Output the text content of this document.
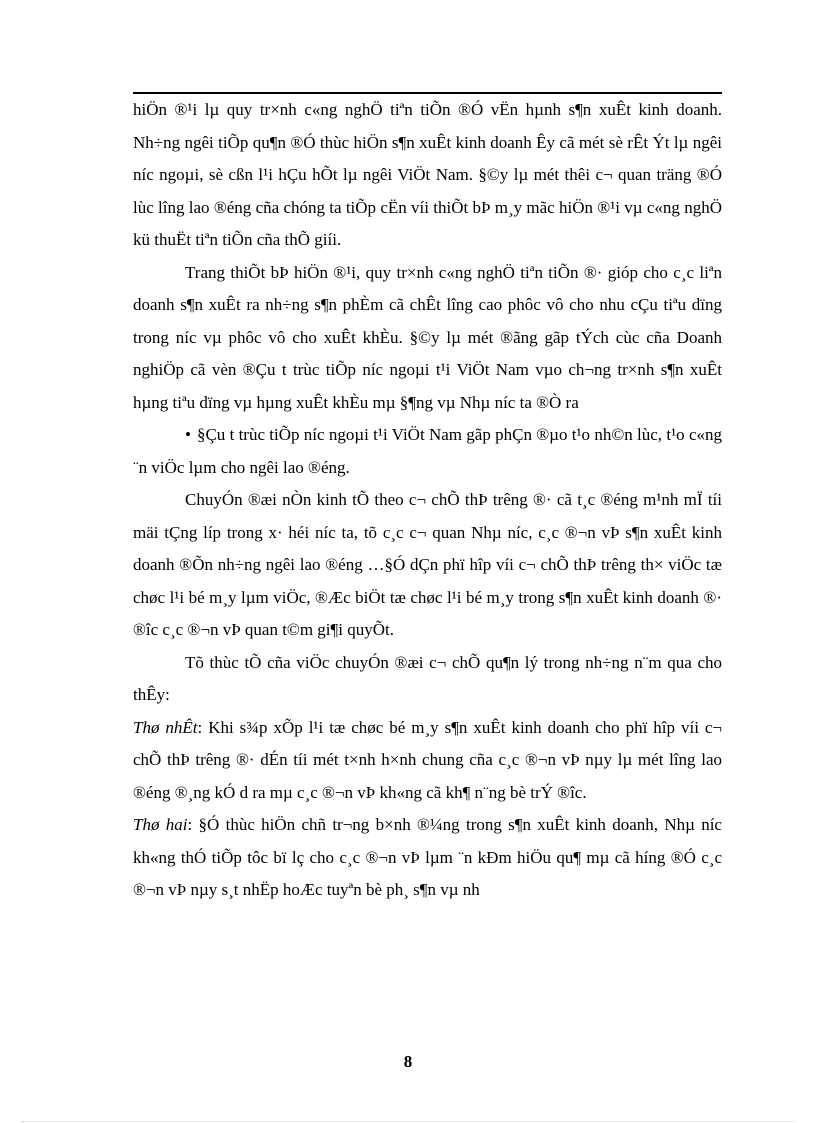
hiÖn ®¹i lµ quy tr×nh c«ng nghÖ tiªn tiÕn ®Ó vËn hµnh s¶n xuÊt kinh doanh. Nh÷ng ngêi tiÕp qu¶n ®Ó thùc hiÖn s¶n xuÊt kinh doanh Êy cã mét sè rÊt Ýt lµ ngêi níc ngoµi, sè cßn l¹i hÇu hÕt lµ ngêi ViÖt Nam. §©y lµ mét thêi c¬ quan träng ®Ó lùc lîng lao ®éng cña chóng ta tiÕp cËn víi thiÕt bÞ m¸y mãc hiÖn ®¹i vµ c«ng nghÖ kü thuËt tiªn tiÕn cña thÕ giíi.

Trang thiÕt bÞ hiÖn ®¹i, quy tr×nh c«ng nghÖ tiªn tiÕn ®· gióp cho c¸c liªn doanh s¶n xuÊt ra nh÷ng s¶n phÈm cã chÊt lîng cao phôc vô cho nhu cÇu tiªu dïng trong níc vµ phôc vô cho xuÊt khÈu. §©y lµ mét ®ãng gãp tÝch cùc cña Doanh nghiÖp cã vèn ®Çu t trùc tiÕp níc ngoµi t¹i ViÖt Nam vµo ch¬ng tr×nh s¶n xuÊt hµng tiªu dïng vµ hµng xuÊt khÈu mµ §¶ng vµ Nhµ níc ta ®Ò ra

• §Çu t trùc tiÕp níc ngoµi t¹i ViÖt Nam gãp phÇn ®µo t¹o nh©n lùc, t¹o c«ng ¨n viÖc lµm cho ngêi lao ®éng.

ChuyÓn ®æi nÒn kinh tÕ theo c¬ chÕ thÞ trêng ®· cã t¸c ®éng m¹nh mÏ tíi mäi tÇng líp trong x· héi níc ta, tõ c¸c c¬ quan Nhµ níc, c¸c ®¬n vÞ s¶n xuÊt kinh doanh ®Õn nh÷ng ngêi lao ®éng …§Ó dÇn phï hîp víi c¬ chÕ thÞ trêng th× viÖc tæ chøc l¹i bé m¸y lµm viÖc, ®Æc biÖt tæ chøc l¹i bé m¸y trong s¶n xuÊt kinh doanh ®· ®îc c¸c ®¬n vÞ quan t©m gi¶i quyÕt.

Tõ thùc tÕ cña viÖc chuyÓn ®æi c¬ chÕ qu¶n lý trong nh÷ng n¨m qua cho thÊy:

Thø nhÊt: Khi s¾p xÕp l¹i tæ chøc bé m¸y s¶n xuÊt kinh doanh cho phï hîp víi c¬ chÕ thÞ trêng ®· dÉn tíi mét t×nh h×nh chung cña c¸c ®¬n vÞ nµy lµ mét lîng lao ®éng ®¸ng kÓ d ra mµ c¸c ®¬n vÞ kh«ng cã kh¶ n¨ng bè trÝ ®îc.

Thø hai: §Ó thùc hiÖn chñ tr¬ng b×nh ®¼ng trong s¶n xuÊt kinh doanh, Nhµ níc kh«ng thÓ tiÕp tôc bï lç cho c¸c ®¬n vÞ lµm ¨n kÐm hiÖu qu¶ mµ cã híng ®Ó c¸c ®¬n vÞ nµy s¸t nhËp hoÆc tuyªn bè ph¸ s¶n vµ nh

8
